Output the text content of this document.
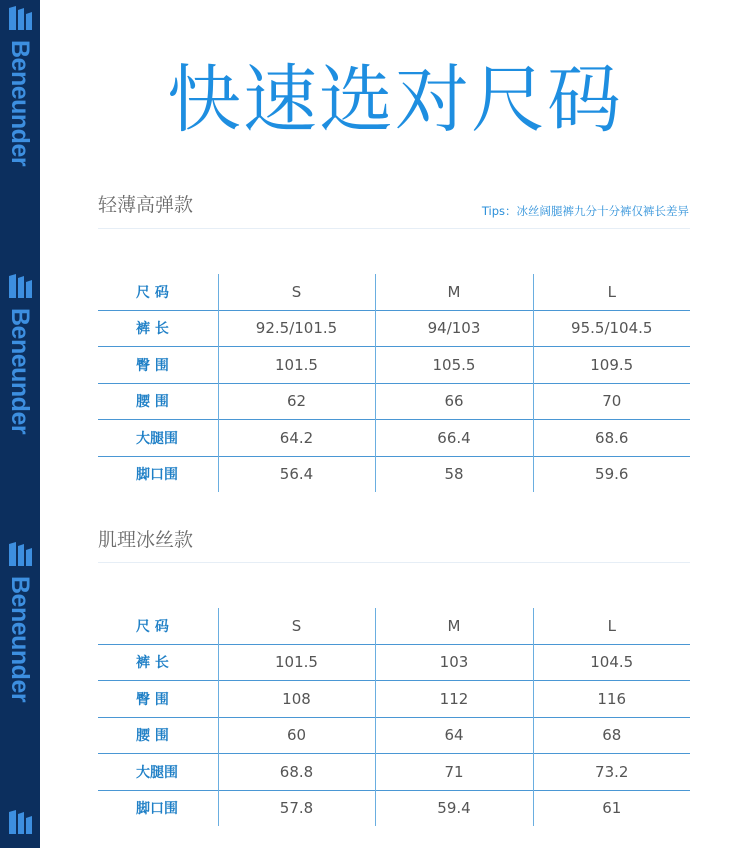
Beneunder
Beneunder
Beneunder
快速选对尺码
轻薄高弹款	Tips：冰丝阔腿裤九分十分裤仅裤长差异
尺 码	S	M	L
裤 长	92.5/101.5	94/103	95.5/104.5
臀 围	101.5	105.5	109.5
腰 围	62	66	70
大腿围	64.2	66.4	68.6
脚口围	56.4	58	59.6
肌理冰丝款
尺 码	S	M	L
裤 长	101.5	103	104.5
臀 围	108	112	116
腰 围	60	64	68
大腿围	68.8	71	73.2
脚口围	57.8	59.4	61
